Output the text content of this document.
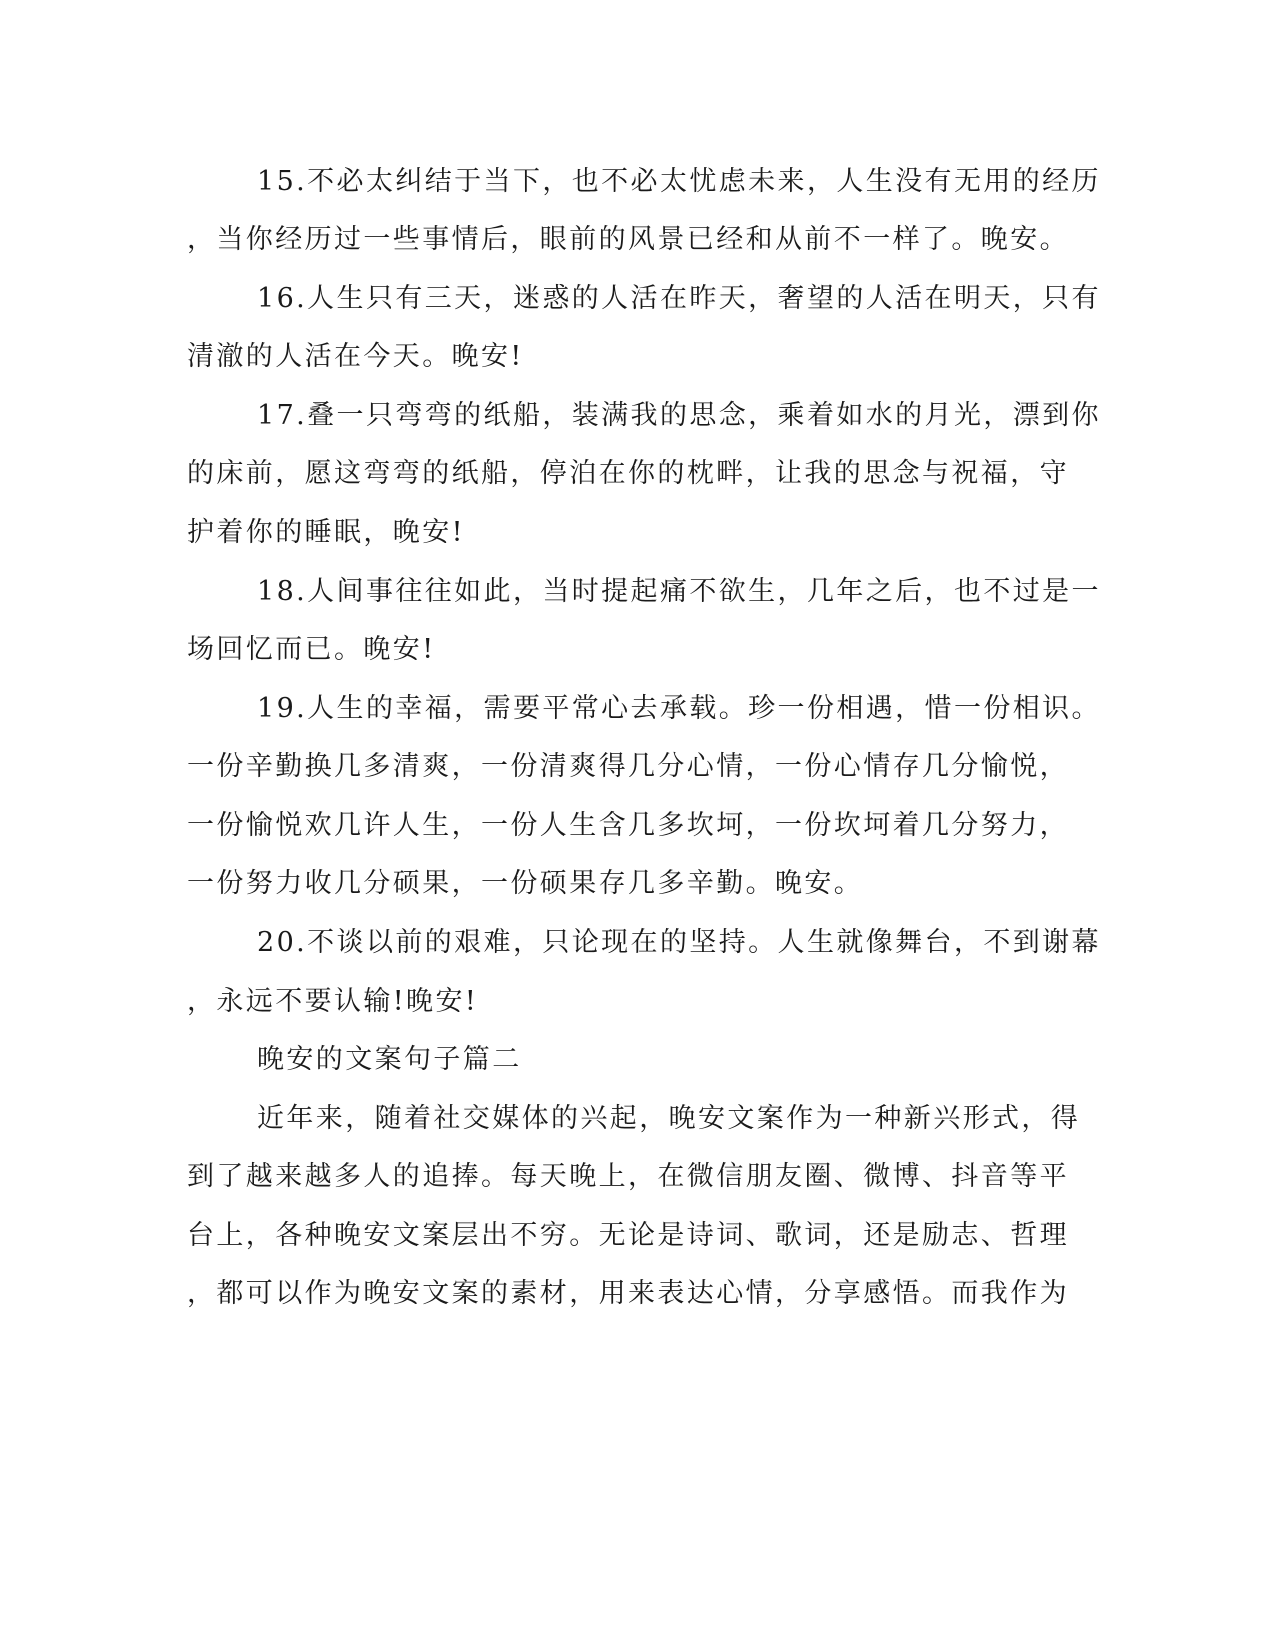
15.不必太纠结于当下，也不必太忧虑未来，人生没有无用的经历
，当你经历过一些事情后，眼前的风景已经和从前不一样了。晚安。
16.人生只有三天，迷惑的人活在昨天，奢望的人活在明天，只有
清澈的人活在今天。晚安!
17.叠一只弯弯的纸船，装满我的思念，乘着如水的月光，漂到你
的床前，愿这弯弯的纸船，停泊在你的枕畔，让我的思念与祝福，守
护着你的睡眠，晚安!
18.人间事往往如此，当时提起痛不欲生，几年之后，也不过是一
场回忆而已。晚安!
19.人生的幸福，需要平常心去承载。珍一份相遇，惜一份相识。
一份辛勤换几多清爽，一份清爽得几分心情，一份心情存几分愉悦，
一份愉悦欢几许人生，一份人生含几多坎坷，一份坎坷着几分努力，
一份努力收几分硕果，一份硕果存几多辛勤。晚安。
20.不谈以前的艰难，只论现在的坚持。人生就像舞台，不到谢幕
，永远不要认输!晚安!
晚安的文案句子篇二
近年来，随着社交媒体的兴起，晚安文案作为一种新兴形式，得
到了越来越多人的追捧。每天晚上，在微信朋友圈、微博、抖音等平
台上，各种晚安文案层出不穷。无论是诗词、歌词，还是励志、哲理
，都可以作为晚安文案的素材，用来表达心情，分享感悟。而我作为
